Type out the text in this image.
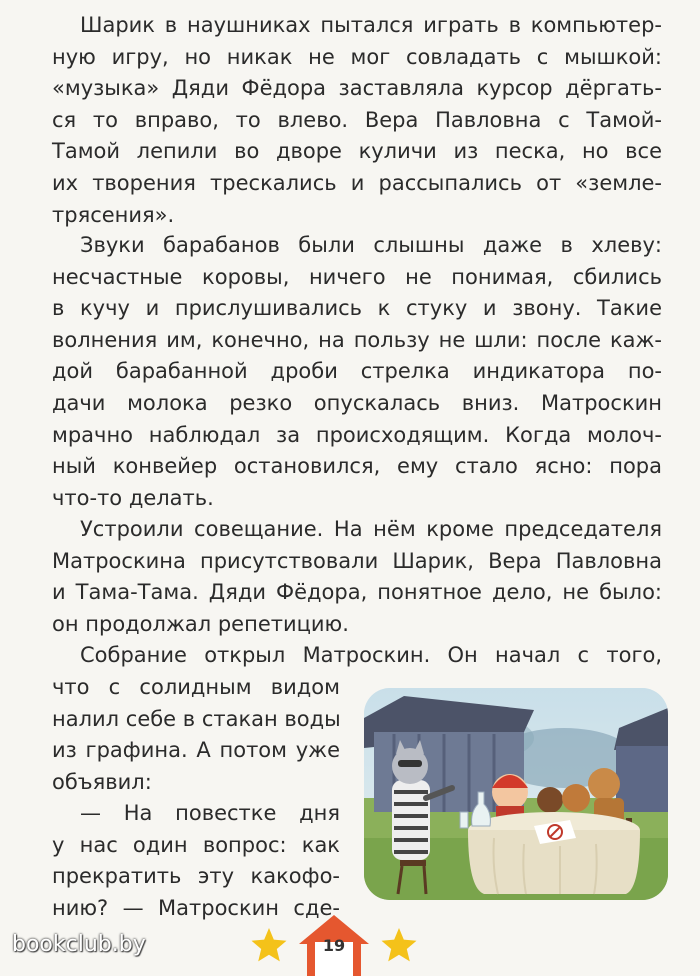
Шарик в наушниках пытался играть в компьютер-
ную игру, но никак не мог совладать с мышкой:
«музыка» Дяди Фёдора заставляла курсор дёргать-
ся то вправо, то влево. Вера Павловна с Тамой-
Тамой лепили во дворе куличи из песка, но все
их творения трескались и рассыпались от «земле-
трясения».

Звуки барабанов были слышны даже в хлеву:
несчастные коровы, ничего не понимая, сбились
в кучу и прислушивались к стуку и звону. Такие
волнения им, конечно, на пользу не шли: после каж-
дой барабанной дроби стрелка индикатора по-
дачи молока резко опускалась вниз. Матроскин
мрачно наблюдал за происходящим. Когда молоч-
ный конвейер остановился, ему стало ясно: пора
что-то делать.

Устроили совещание. На нём кроме председателя
Матроскина присутствовали Шарик, Вера Павловна
и Тама-Тама. Дяди Фёдора, понятное дело, не было:
он продолжал репетицию.

Собрание открыл Матроскин. Он начал с того,

что с солидным видом
налил себе в стакан воды
из графина. А потом уже
объявил:

— На повестке дня
у нас один вопрос: как
прекратить эту какофо-
нию? — Матроскин сде-

bookclub.by	19
